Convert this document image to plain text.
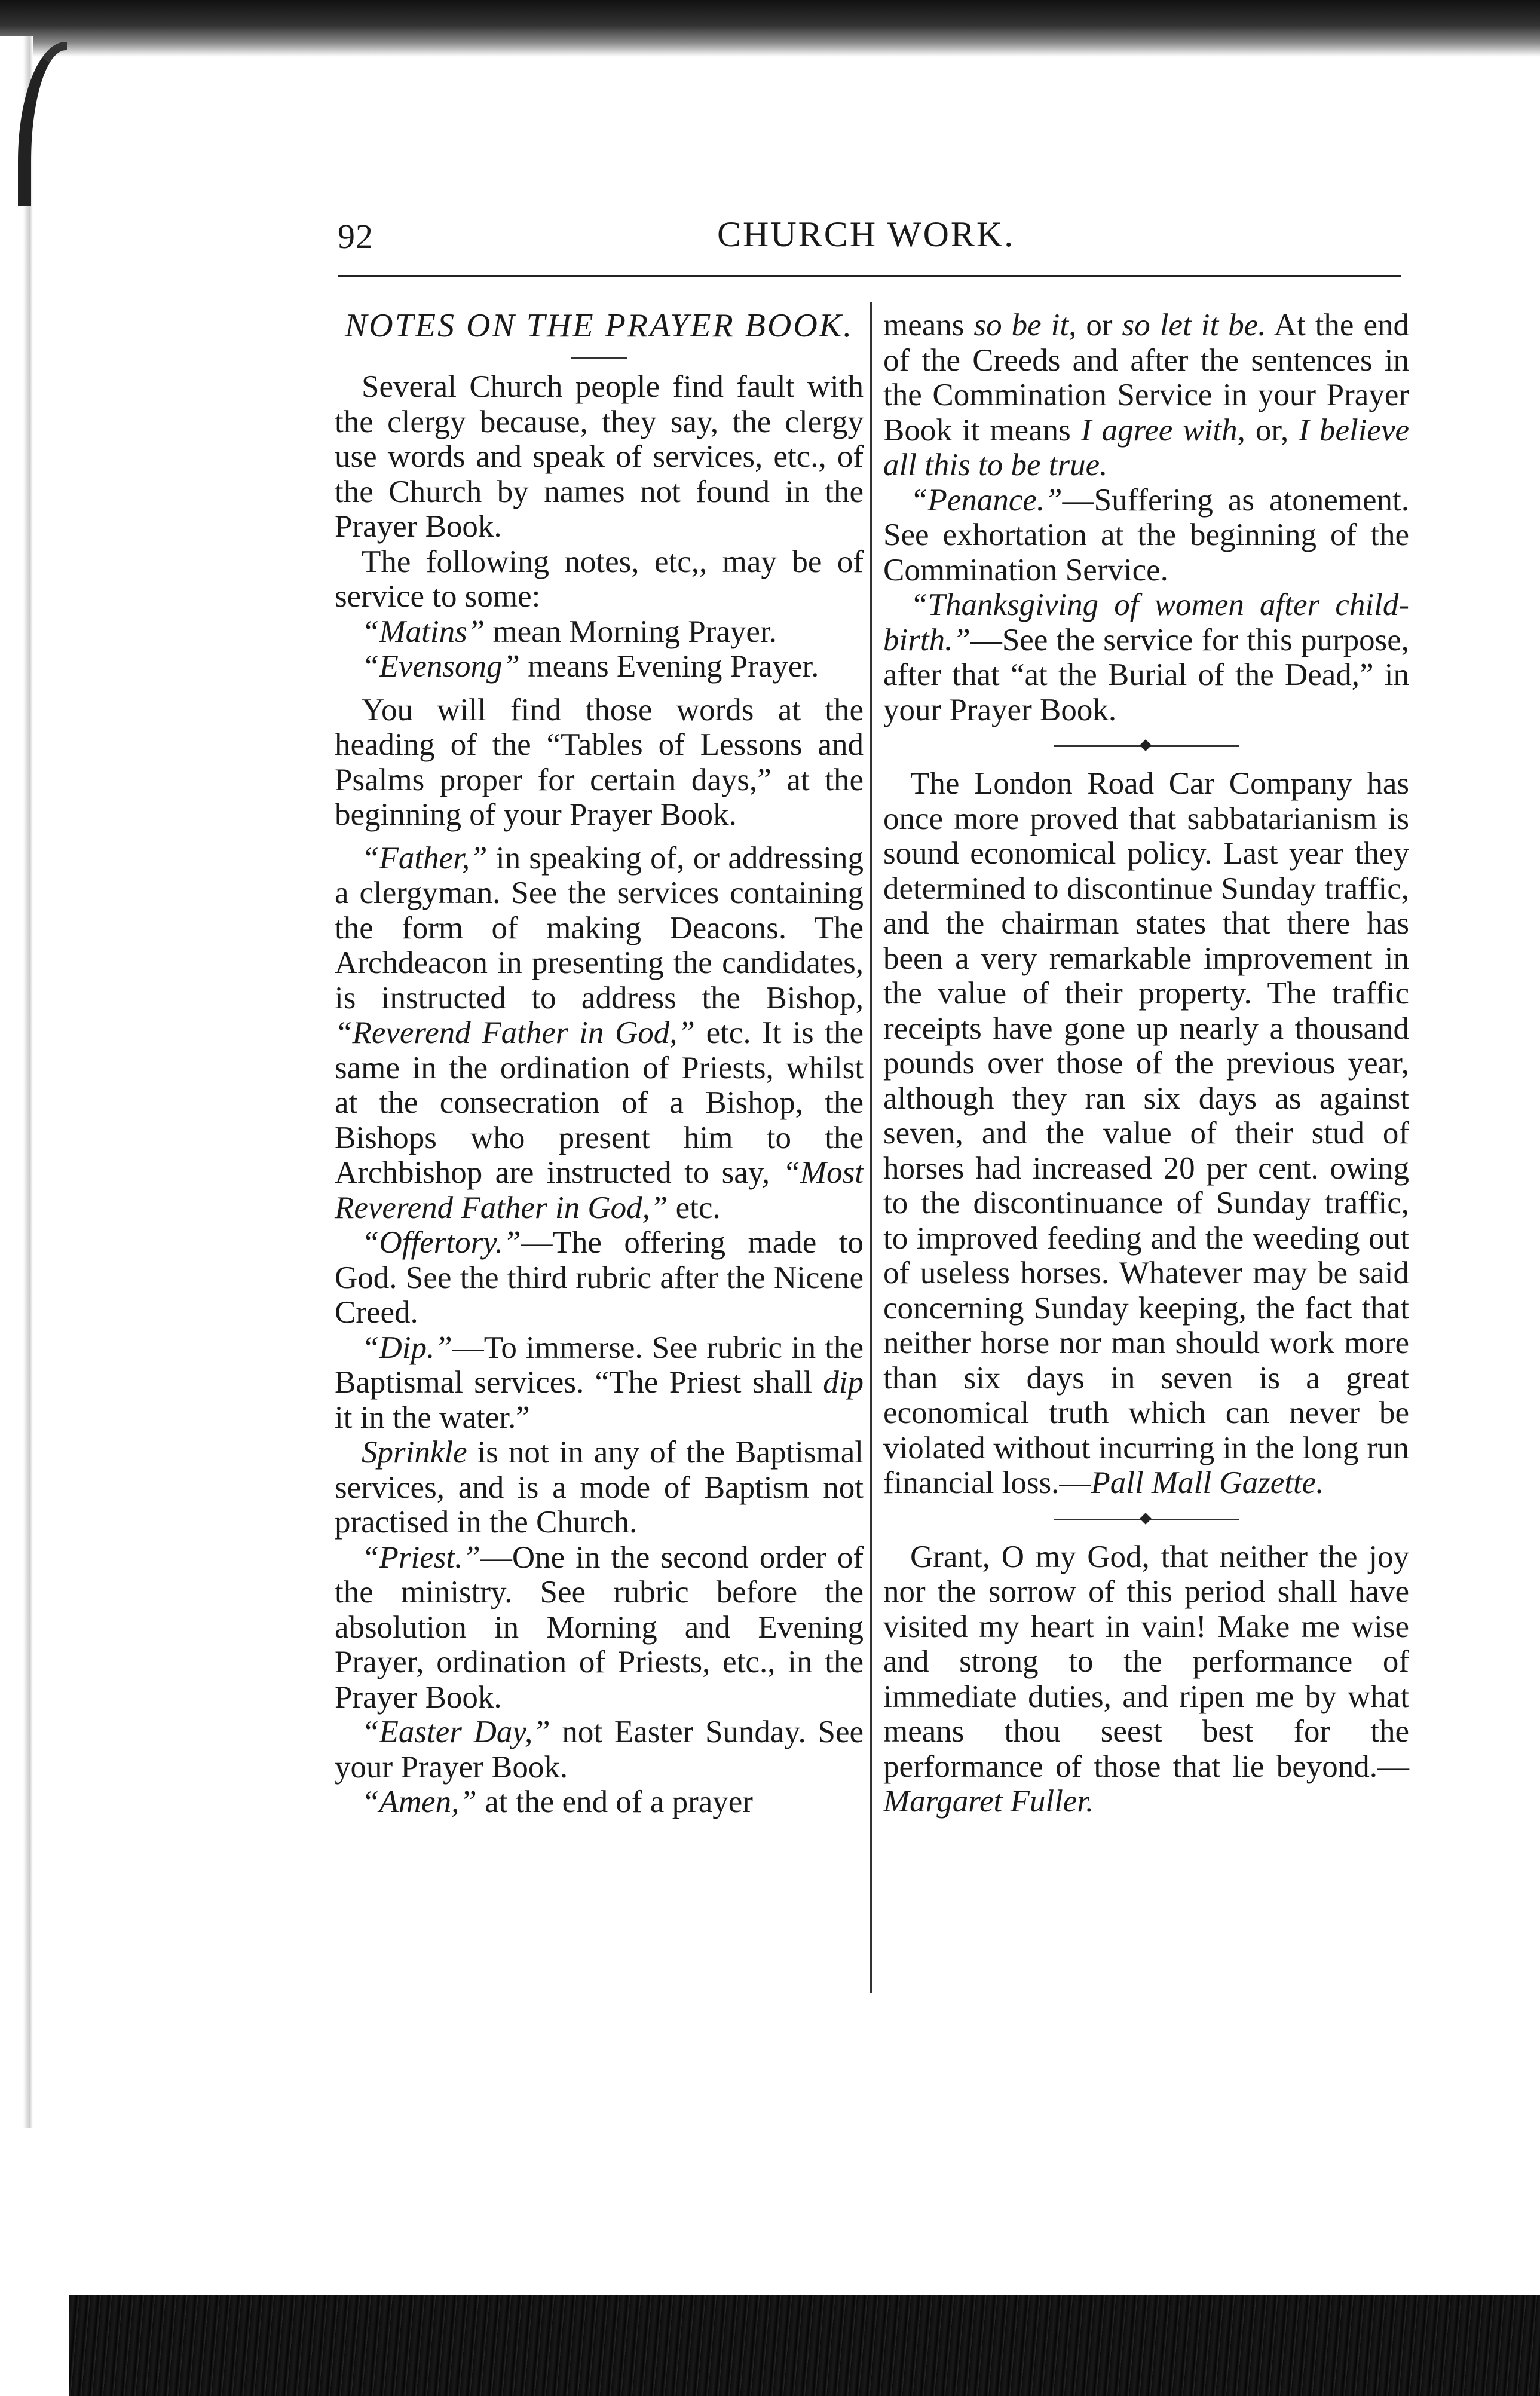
92	CHURCH WORK.
NOTES ON THE PRAYER BOOK.

Several Church people find fault with the clergy because, they say, the clergy use words and speak of services, etc., of the Church by names not found in the Prayer Book.

The following notes, etc,, may be of service to some:

“Matins” mean Morning Prayer.

“Evensong” means Evening Prayer.

You will find those words at the heading of the “Tables of Lessons and Psalms proper for certain days,” at the beginning of your Prayer Book.

“Father,” in speaking of, or addressing a clergyman. See the services containing the form of making Deacons. The Archdeacon in presenting the candidates, is instructed to address the Bishop, “Reverend Father in God,” etc. It is the same in the ordination of Priests, whilst at the consecration of a Bishop, the Bishops who present him to the Archbishop are instructed to say, “Most Reverend Father in God,” etc.

“Offertory.”—The offering made to God. See the third rubric after the Nicene Creed.

“Dip.”—To immerse. See rubric in the Baptismal services. “The Priest shall dip it in the water.”

Sprinkle is not in any of the Baptismal services, and is a mode of Baptism not practised in the Church.

“Priest.”—One in the second order of the ministry. See rubric before the absolution in Morning and Evening Prayer, ordination of Priests, etc., in the Prayer Book.

“Easter Day,” not Easter Sunday. See your Prayer Book.

“Amen,” at the end of a prayer

means so be it, or so let it be. At the end of the Creeds and after the sentences in the Commination Service in your Prayer Book it means I agree with, or, I believe all this to be true.

“Penance.”—Suffering as atonement. See exhortation at the beginning of the Commination Service.

“Thanksgiving of women after child-birth.”—See the service for this purpose, after that “at the Burial of the Dead,” in your Prayer Book.

The London Road Car Company has once more proved that sabbatarianism is sound economical policy. Last year they determined to discontinue Sunday traffic, and the chairman states that there has been a very remarkable improvement in the value of their property. The traffic receipts have gone up nearly a thousand pounds over those of the previous year, although they ran six days as against seven, and the value of their stud of horses had increased 20 per cent. owing to the discontinuance of Sunday traffic, to improved feeding and the weeding out of useless horses. Whatever may be said concerning Sunday keeping, the fact that neither horse nor man should work more than six days in seven is a great economical truth which can never be violated without incurring in the long run financial loss.—Pall Mall Gazette.

Grant, O my God, that neither the joy nor the sorrow of this period shall have visited my heart in vain! Make me wise and strong to the performance of immediate duties, and ripen me by what means thou seest best for the performance of those that lie beyond.—Margaret Fuller.
